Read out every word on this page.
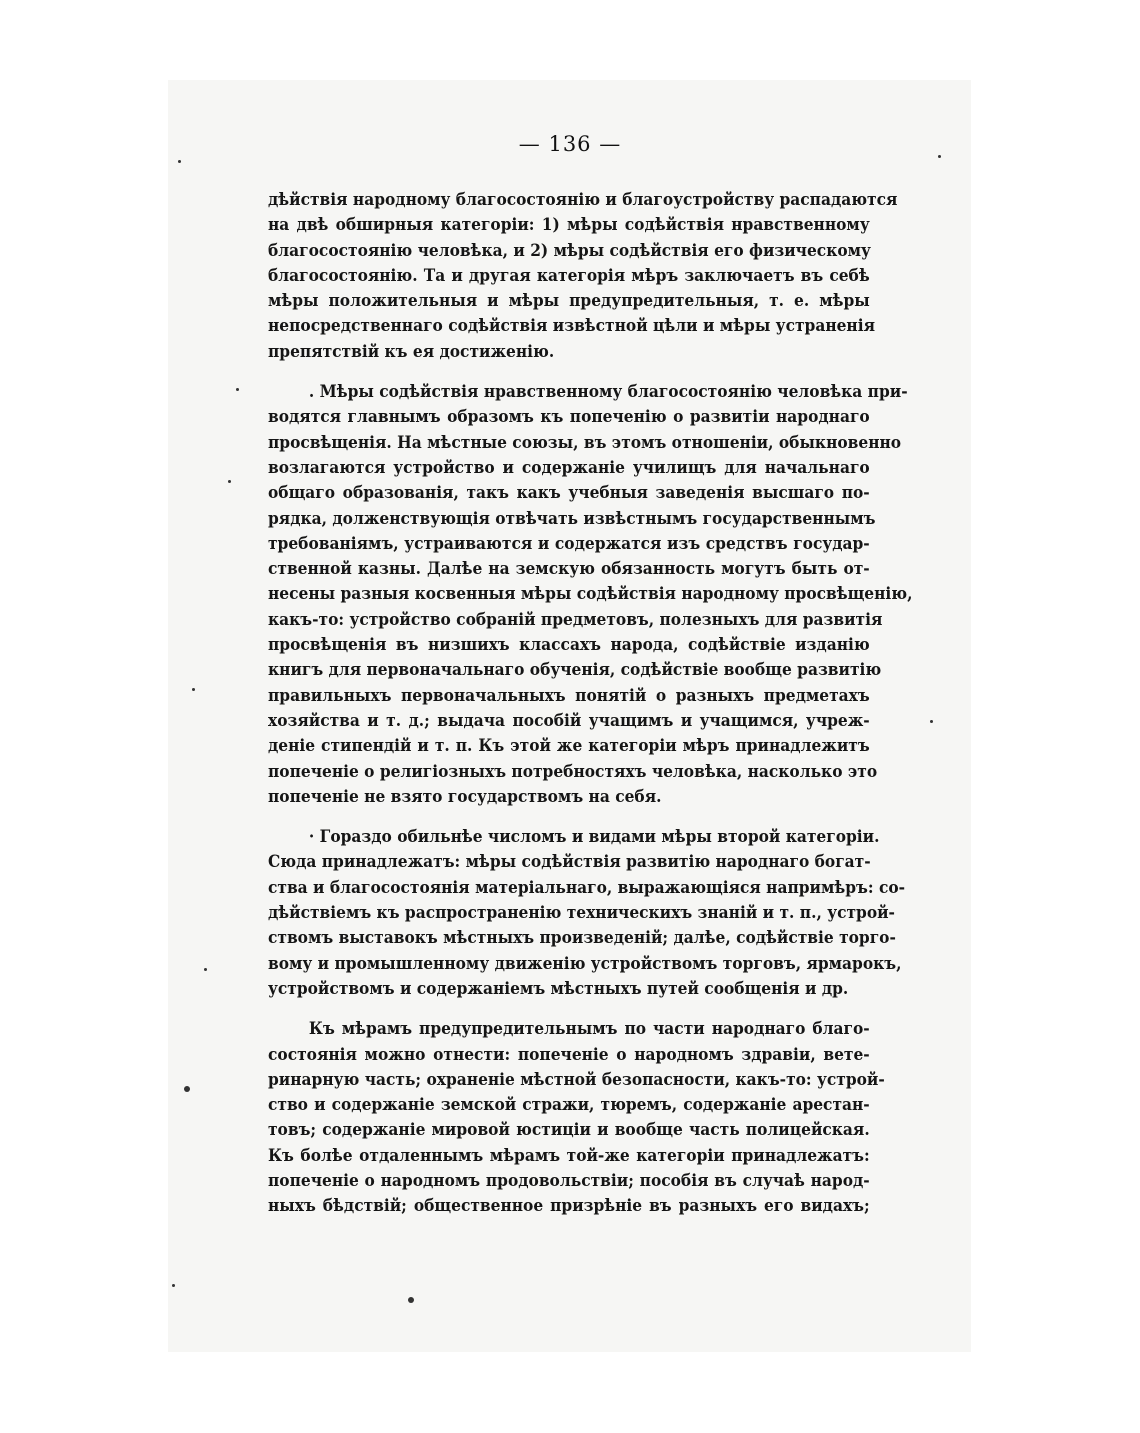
— 136 —
дѣйствія народному благосостоянію и благоустройству распадаются
на двѣ обширныя категоріи: 1) мѣры содѣйствія нравственному
благосостоянію человѣка, и 2) мѣры содѣйствія его физическому
благосостоянію. Та и другая категорія мѣръ заключаетъ въ себѣ
мѣры положительныя и мѣры предупредительныя, т. е. мѣры
непосредственнаго содѣйствія извѣстной цѣли и мѣры устраненія
препятствій къ ея достиженію.
. Мѣры содѣйствія нравственному благосостоянію человѣка при-
водятся главнымъ образомъ къ попеченію о развитіи народнаго
просвѣщенія. На мѣстные союзы, въ этомъ отношеніи, обыкновенно
возлагаются устройство и содержаніе училищъ для начальнаго
общаго образованія, такъ какъ учебныя заведенія высшаго по-
рядка, долженствующія отвѣчать извѣстнымъ государственнымъ
требованіямъ, устраиваются и содержатся изъ средствъ государ-
ственной казны. Далѣе на земскую обязанность могутъ быть от-
несены разныя косвенныя мѣры содѣйствія народному просвѣщенію,
какъ-то: устройство собраній предметовъ, полезныхъ для развитія
просвѣщенія въ низшихъ классахъ народа, содѣйствіе изданію
книгъ для первоначальнаго обученія, содѣйствіе вообще развитію
правильныхъ первоначальныхъ понятій о разныхъ предметахъ
хозяйства и т. д.; выдача пособій учащимъ и учащимся, учреж-
деніе стипендій и т. п. Къ этой же категоріи мѣръ принадлежитъ
попеченіе о религіозныхъ потребностяхъ человѣка, насколько это
попеченіе не взято государствомъ на себя.
· Гораздо обильнѣе числомъ и видами мѣры второй категоріи.
Сюда принадлежатъ: мѣры содѣйствія развитію народнаго богат-
ства и благосостоянія матеріальнаго, выражающіяся напримѣръ: со-
дѣйствіемъ къ распространенію техническихъ знаній и т. п., устрой-
ствомъ выставокъ мѣстныхъ произведеній; далѣе, содѣйствіе торго-
вому и промышленному движенію устройствомъ торговъ, ярмарокъ,
устройствомъ и содержаніемъ мѣстныхъ путей сообщенія и др.
Къ мѣрамъ предупредительнымъ по части народнаго благо-
состоянія можно отнести: попеченіе о народномъ здравіи, вете-
ринарную часть; охраненіе мѣстной безопасности, какъ-то: устрой-
ство и содержаніе земской стражи, тюремъ, содержаніе арестан-
товъ; содержаніе мировой юстиціи и вообще часть полицейская.
Къ болѣе отдаленнымъ мѣрамъ той-же категоріи принадлежатъ:
попеченіе о народномъ продовольствіи; пособія въ случаѣ народ-
ныхъ бѣдствій; общественное призрѣніе въ разныхъ его видахъ;
